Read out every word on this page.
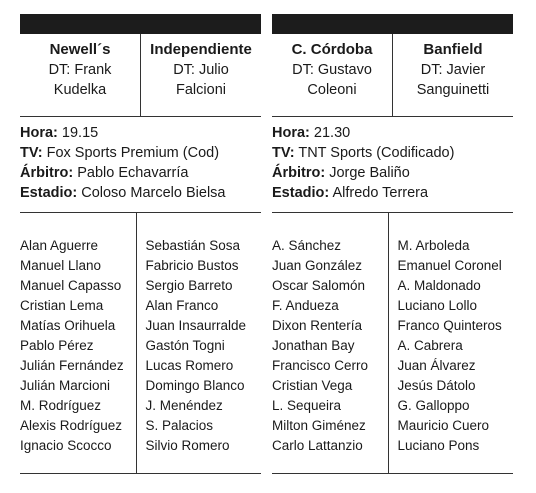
Newell´s
DT: Frank
Kudelka
Independiente
DT: Julio
Falcioni
Hora: 19.15
TV: Fox Sports Premium (Cod)
Árbitro: Pablo Echavarría
Estadio: Coloso Marcelo Bielsa
Alan Aguerre
Manuel Llano
Manuel Capasso
Cristian Lema
Matías Orihuela
Pablo Pérez
Julián Fernández
Julián Marcioni
M. Rodríguez
Alexis Rodríguez
Ignacio Scocco
Sebastián Sosa
Fabricio Bustos
Sergio Barreto
Alan Franco
Juan Insaurralde
Gastón Togni
Lucas Romero
Domingo Blanco
J. Menéndez
S. Palacios
Silvio Romero
C. Córdoba
DT: Gustavo
Coleoni
Banfield
DT: Javier
Sanguinetti
Hora: 21.30
TV: TNT Sports (Codificado)
Árbitro: Jorge Baliño
Estadio: Alfredo Terrera
A. Sánchez
Juan González
Oscar Salomón
F. Andueza
Dixon Rentería
Jonathan Bay
Francisco Cerro
Cristian Vega
L. Sequeira
Milton Giménez
Carlo Lattanzio
M. Arboleda
Emanuel Coronel
A. Maldonado
Luciano Lollo
Franco Quinteros
A. Cabrera
Juan Álvarez
Jesús Dátolo
G. Galloppo
Mauricio Cuero
Luciano Pons
